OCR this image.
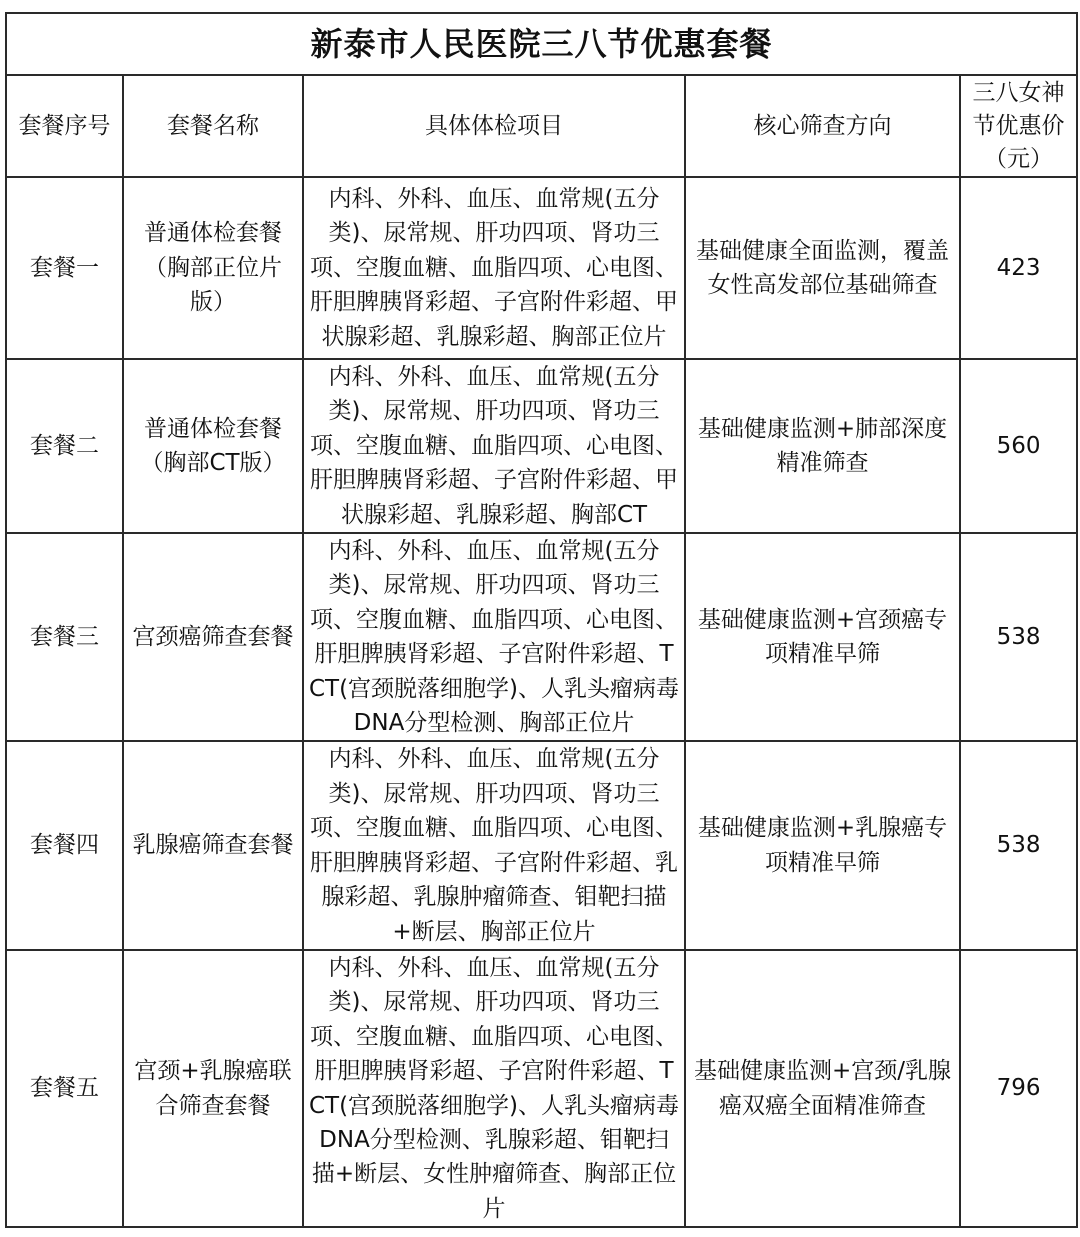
新泰市人民医院三八节优惠套餐				
套餐序号	套餐名称	具体体检项目	核心筛查方向	三八女神节优惠价（元）
套餐一	普通体检套餐（胸部正位片版）	内科、外科、血压、血常规(五分类)、尿常规、肝功四项、肾功三项、空腹血糖、血脂四项、心电图、肝胆脾胰肾彩超、子宫附件彩超、甲状腺彩超、乳腺彩超、胸部正位片	基础健康全面监测，覆盖女性高发部位基础筛查	423
套餐二	普通体检套餐（胸部CT版）	内科、外科、血压、血常规(五分类)、尿常规、肝功四项、肾功三项、空腹血糖、血脂四项、心电图、肝胆脾胰肾彩超、子宫附件彩超、甲状腺彩超、乳腺彩超、胸部CT	基础健康监测+肺部深度精准筛查	560
套餐三	宫颈癌筛查套餐	内科、外科、血压、血常规(五分类)、尿常规、肝功四项、肾功三项、空腹血糖、血脂四项、心电图、肝胆脾胰肾彩超、子宫附件彩超、TCT(宫颈脱落细胞学)、人乳头瘤病毒DNA分型检测、胸部正位片	基础健康监测+宫颈癌专项精准早筛	538
套餐四	乳腺癌筛查套餐	内科、外科、血压、血常规(五分类)、尿常规、肝功四项、肾功三项、空腹血糖、血脂四项、心电图、肝胆脾胰肾彩超、子宫附件彩超、乳腺彩超、乳腺肿瘤筛查、钼靶扫描+断层、胸部正位片	基础健康监测+乳腺癌专项精准早筛	538
套餐五	宫颈+乳腺癌联合筛查套餐	内科、外科、血压、血常规(五分类)、尿常规、肝功四项、肾功三项、空腹血糖、血脂四项、心电图、肝胆脾胰肾彩超、子宫附件彩超、TCT(宫颈脱落细胞学)、人乳头瘤病毒DNA分型检测、乳腺彩超、钼靶扫描+断层、女性肿瘤筛查、胸部正位片	基础健康监测+宫颈/乳腺癌双癌全面精准筛查	796
